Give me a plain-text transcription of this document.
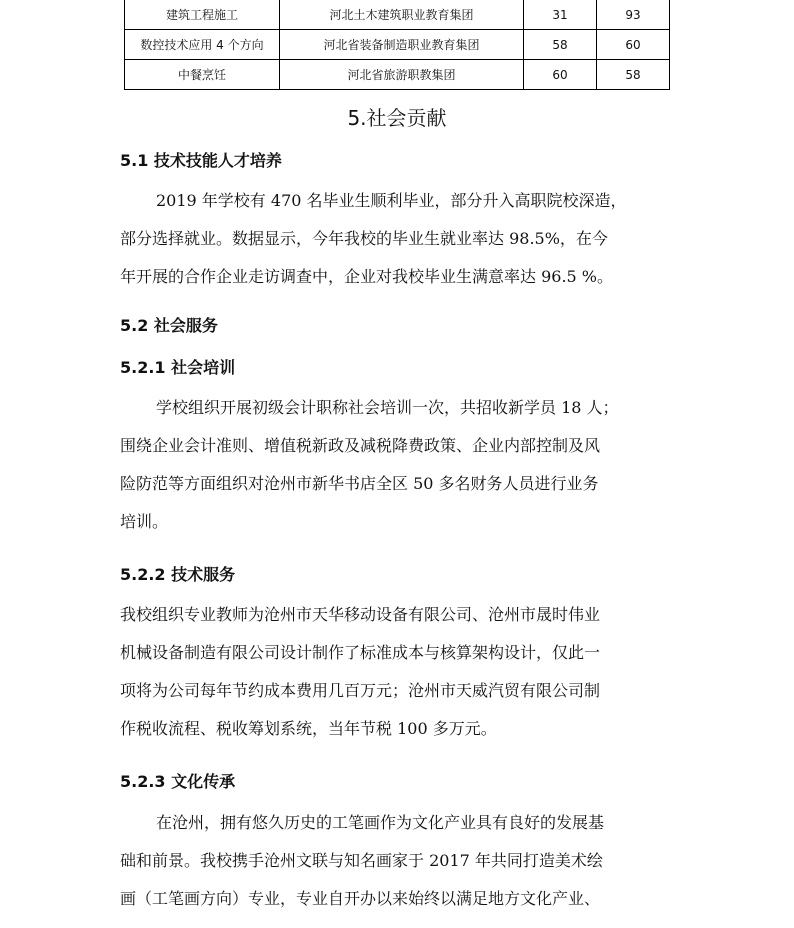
建筑工程施工	河北土木建筑职业教育集团	31	93
数控技术应用 4 个方向	河北省装备制造职业教育集团	58	60
中餐烹饪	河北省旅游职教集团	60	58
5.社会贡献
5.1 技术技能人才培养
2019 年学校有 470 名毕业生顺利毕业，部分升入高职院校深造，
部分选择就业。数据显示，今年我校的毕业生就业率达 98.5%，在今
年开展的合作企业走访调查中，企业对我校毕业生满意率达 96.5 %。
5.2 社会服务
5.2.1 社会培训
学校组织开展初级会计职称社会培训一次，共招收新学员 18 人；
围绕企业会计准则、增值税新政及减税降费政策、企业内部控制及风
险防范等方面组织对沧州市新华书店全区 50 多名财务人员进行业务
培训。
5.2.2 技术服务
我校组织专业教师为沧州市天华移动设备有限公司、沧州市晟时伟业
机械设备制造有限公司设计制作了标准成本与核算架构设计，仅此一
项将为公司每年节约成本费用几百万元；沧州市天威汽贸有限公司制
作税收流程、税收筹划系统，当年节税 100 多万元。
5.2.3 文化传承
在沧州，拥有悠久历史的工笔画作为文化产业具有良好的发展基
础和前景。我校携手沧州文联与知名画家于 2017 年共同打造美术绘
画（工笔画方向）专业，专业自开办以来始终以满足地方文化产业、
